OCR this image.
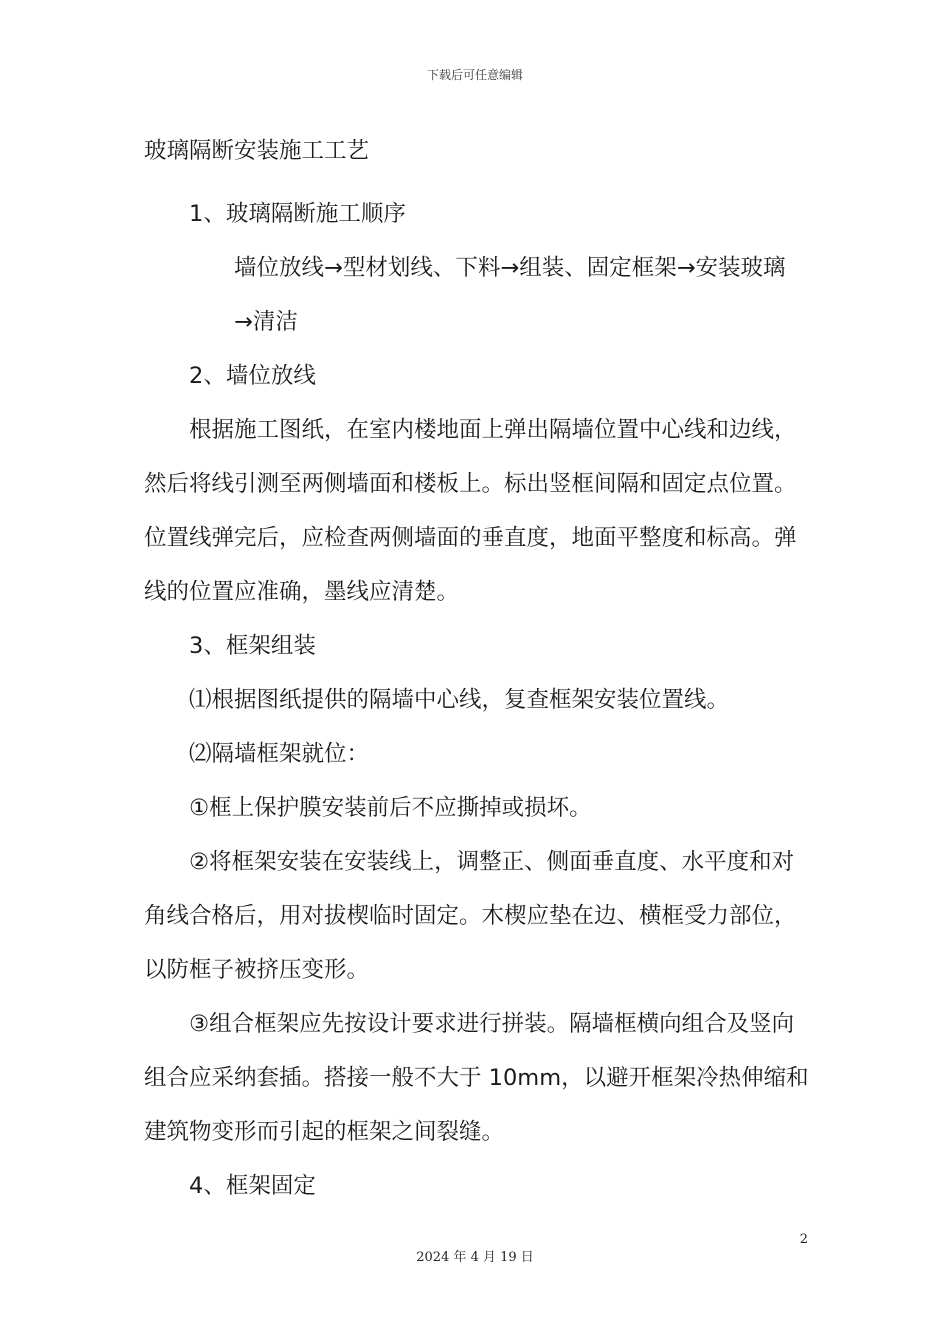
下载后可任意编辑
玻璃隔断安装施工工艺
1、玻璃隔断施工顺序
墙位放线→型材划线、下料→组装、固定框架→安装玻璃
→清洁
2、墙位放线
根据施工图纸，在室内楼地面上弹出隔墙位置中心线和边线，
然后将线引测至两侧墙面和楼板上。标出竖框间隔和固定点位置。
位置线弹完后，应检查两侧墙面的垂直度，地面平整度和标高。弹
线的位置应准确，墨线应清楚。
3、框架组装
⑴根据图纸提供的隔墙中心线，复查框架安装位置线。
⑵隔墙框架就位：
①框上保护膜安装前后不应撕掉或损坏。
②将框架安装在安装线上，调整正、侧面垂直度、水平度和对
角线合格后，用对拔楔临时固定。木楔应垫在边、横框受力部位，
以防框子被挤压变形。
③组合框架应先按设计要求进行拼装。隔墙框横向组合及竖向
组合应采纳套插。搭接一般不大于 10mm，以避开框架冷热伸缩和
建筑物变形而引起的框架之间裂缝。
4、框架固定
2
2024 年 4 月 19 日
